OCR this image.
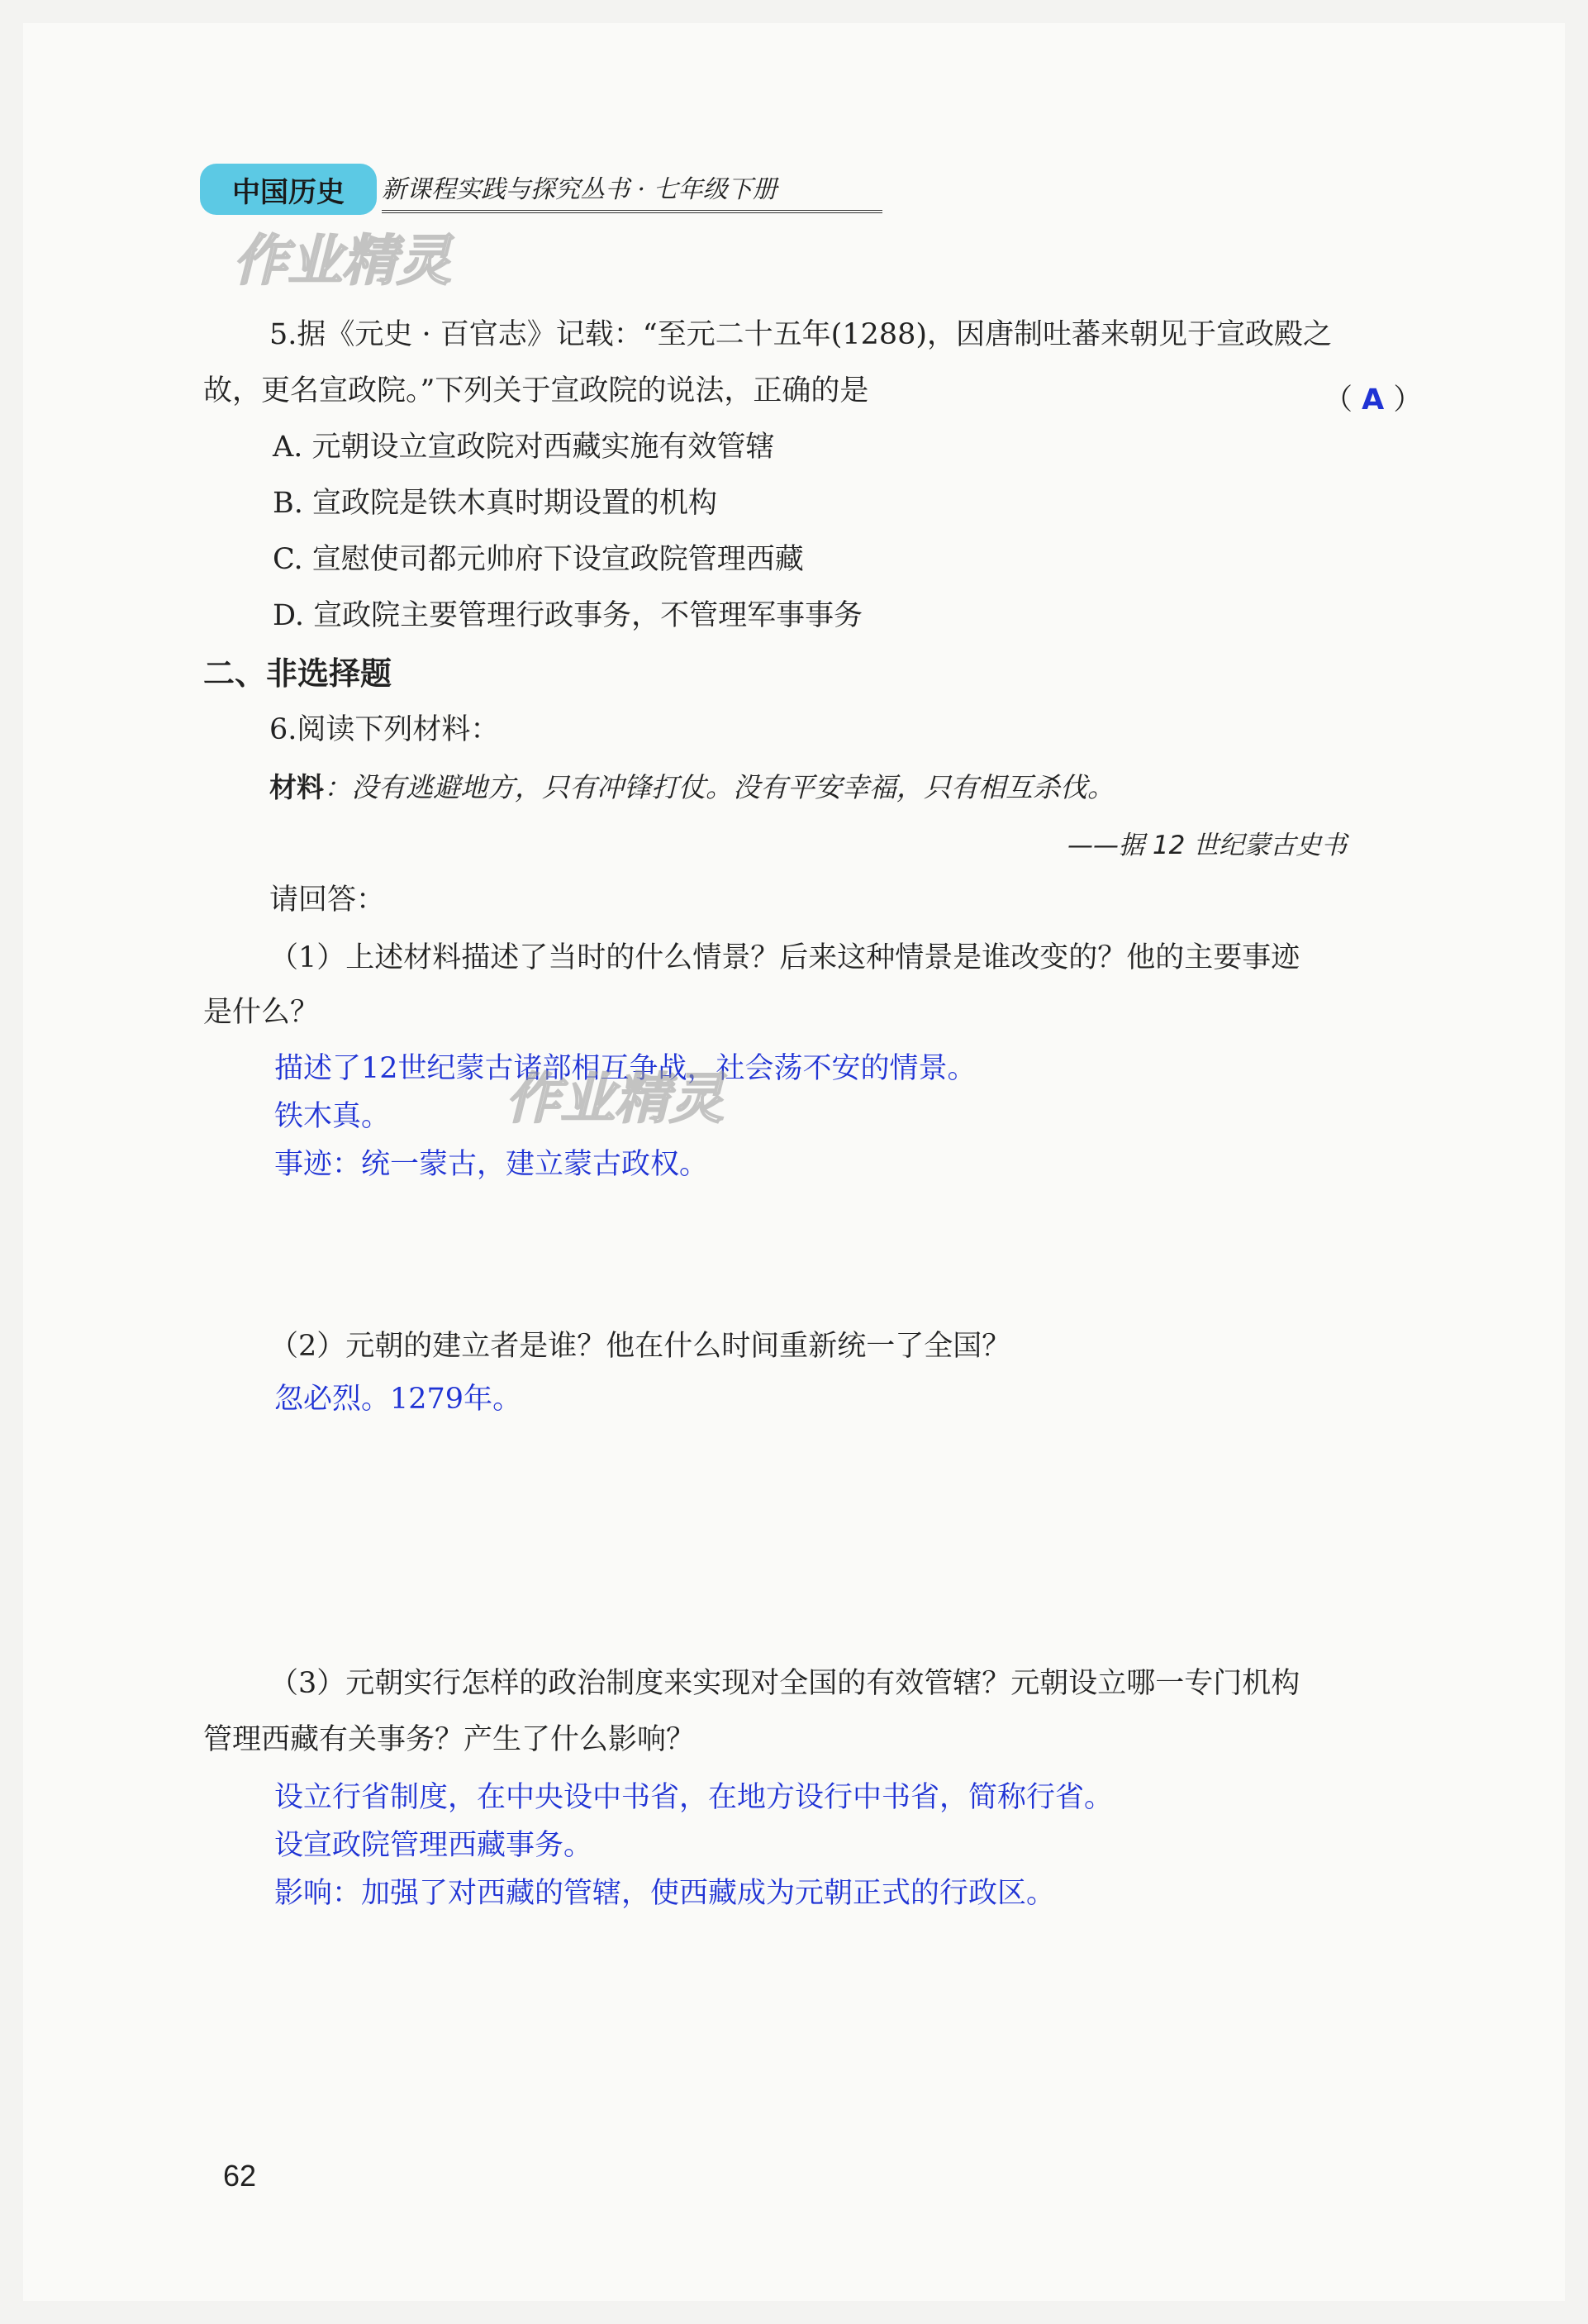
中国历史	新课程实践与探究丛书 · 七年级下册
作业精灵
5.据《元史 · 百官志》记载：“至元二十五年(1288)，因唐制吐蕃来朝见于宣政殿之
故，更名宣政院。”下列关于宣政院的说法，正确的是	（ A ）
A. 元朝设立宣政院对西藏实施有效管辖
B. 宣政院是铁木真时期设置的机构
C. 宣慰使司都元帅府下设宣政院管理西藏
D. 宣政院主要管理行政事务，不管理军事事务
二、非选择题
6.阅读下列材料：
材料：没有逃避地方，只有冲锋打仗。没有平安幸福，只有相互杀伐。
——据 12 世纪蒙古史书
请回答：
（1）上述材料描述了当时的什么情景？后来这种情景是谁改变的？他的主要事迹
是什么？
描述了12世纪蒙古诸部相互争战，社会荡不安的情景。
作业精灵
铁木真。
事迹：统一蒙古，建立蒙古政权。
（2）元朝的建立者是谁？他在什么时间重新统一了全国？
忽必烈。1279年。
（3）元朝实行怎样的政治制度来实现对全国的有效管辖？元朝设立哪一专门机构
管理西藏有关事务？产生了什么影响？
设立行省制度，在中央设中书省，在地方设行中书省，简称行省。
设宣政院管理西藏事务。
影响：加强了对西藏的管辖，使西藏成为元朝正式的行政区。
62
